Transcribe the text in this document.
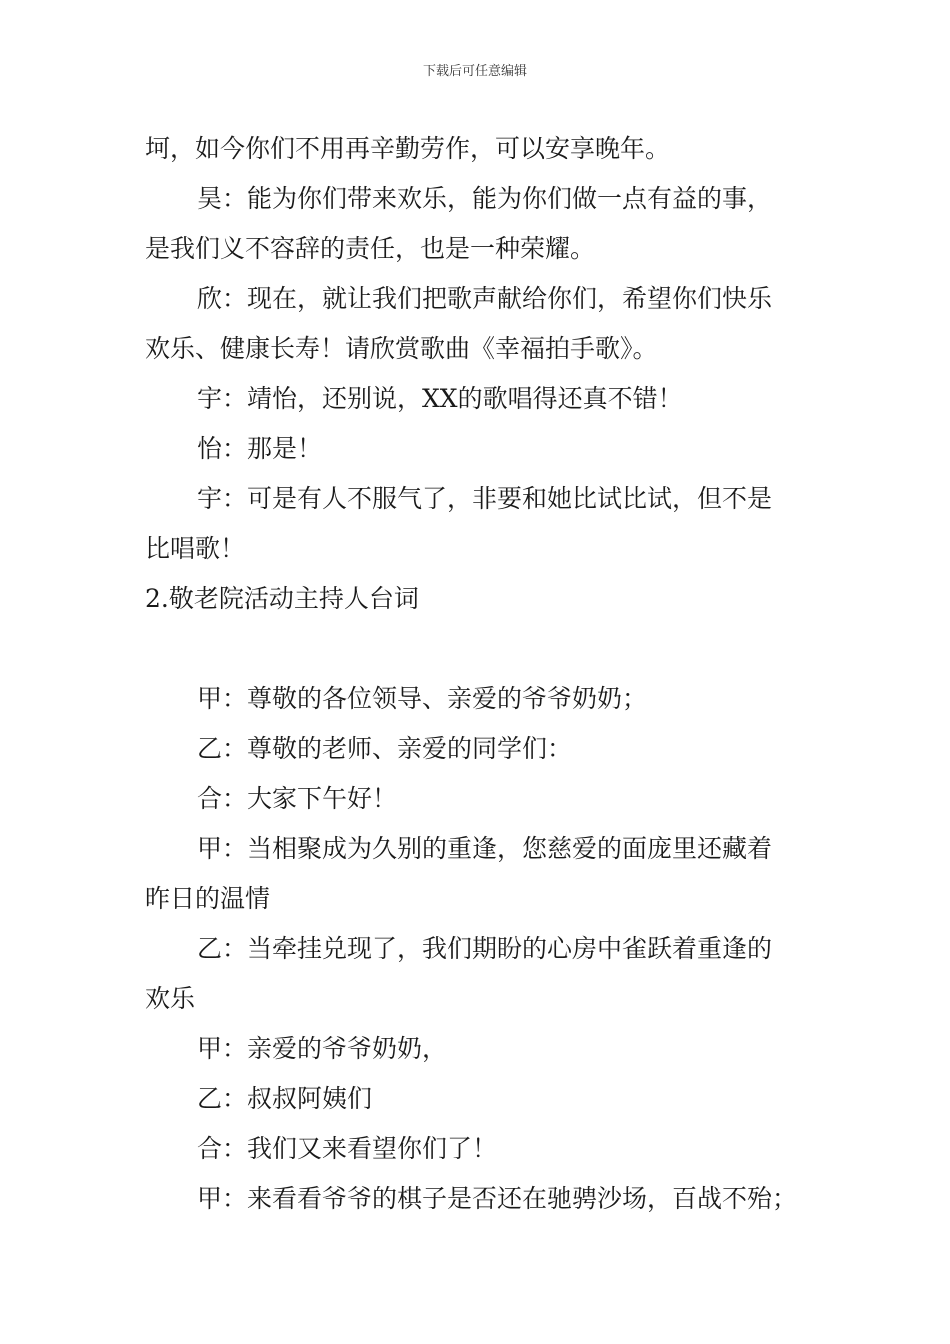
下载后可任意编辑

坷，如今你们不用再辛勤劳作，可以安享晚年。

昊：能为你们带来欢乐，能为你们做一点有益的事，

是我们义不容辞的责任，也是一种荣耀。

欣：现在，就让我们把歌声献给你们，希望你们快乐

欢乐、健康长寿！请欣赏歌曲《幸福拍手歌》。

宇：靖怡，还别说，XX的歌唱得还真不错！

怡：那是！

宇：可是有人不服气了，非要和她比试比试，但不是

比唱歌！

2.敬老院活动主持人台词

甲：尊敬的各位领导、亲爱的爷爷奶奶；

乙：尊敬的老师、亲爱的同学们：

合：大家下午好！

甲：当相聚成为久别的重逢，您慈爱的面庞里还藏着

昨日的温情

乙：当牵挂兑现了，我们期盼的心房中雀跃着重逢的

欢乐

甲：亲爱的爷爷奶奶，

乙：叔叔阿姨们

合：我们又来看望你们了！

甲：来看看爷爷的棋子是否还在驰骋沙场，百战不殆；
